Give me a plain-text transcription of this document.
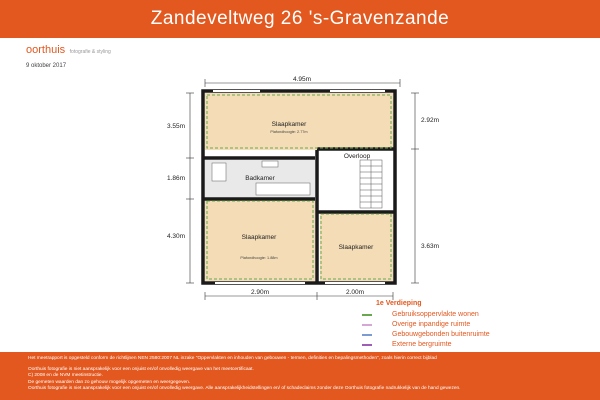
Zandeveltweg 26 's-Gravenzande
oorthuis fotografie & styling
9 oktober 2017
4.95m
3.55m
1.86m
4.30m
2.92m
3.63m
2.90m	2.00m
Slaapkamer
Plafondhoogte: 2.77m
Badkamer
Overloop
Slaapkamer
Plafondhoogte: 1.88m
Slaapkamer
1e Verdieping
Gebruiksoppervlakte wonen
Overige inpandige ruimte
Gebouwgebonden buitenruimte
Externe bergruimte

Het meetrapport is opgesteld conform de richtlijnen NEN 2580:2007 NL inzake "Oppervlakten en inhouden van gebouwen - termen, definities en bepalingsmethoden", zoals hierin correct bijblad

Oorthuis fotografie is niet aansprakelijk voor een onjuist en/of onvolledig weergave van het meetcertificaat.

C) 2008 en de NVM meetinstructie.

De gemeten waarden dan zo gehouw mogelijk opgemeten en weergegeven.

Oorthuis fotografie is niet aansprakelijk voor een onjuist en/of onvolledig weergave. Alle aansprakelijkheidstellingen en/ of schadeclaims zonder deze Oorthuis fotografie nadrukkelijk van de hand gewezen.
